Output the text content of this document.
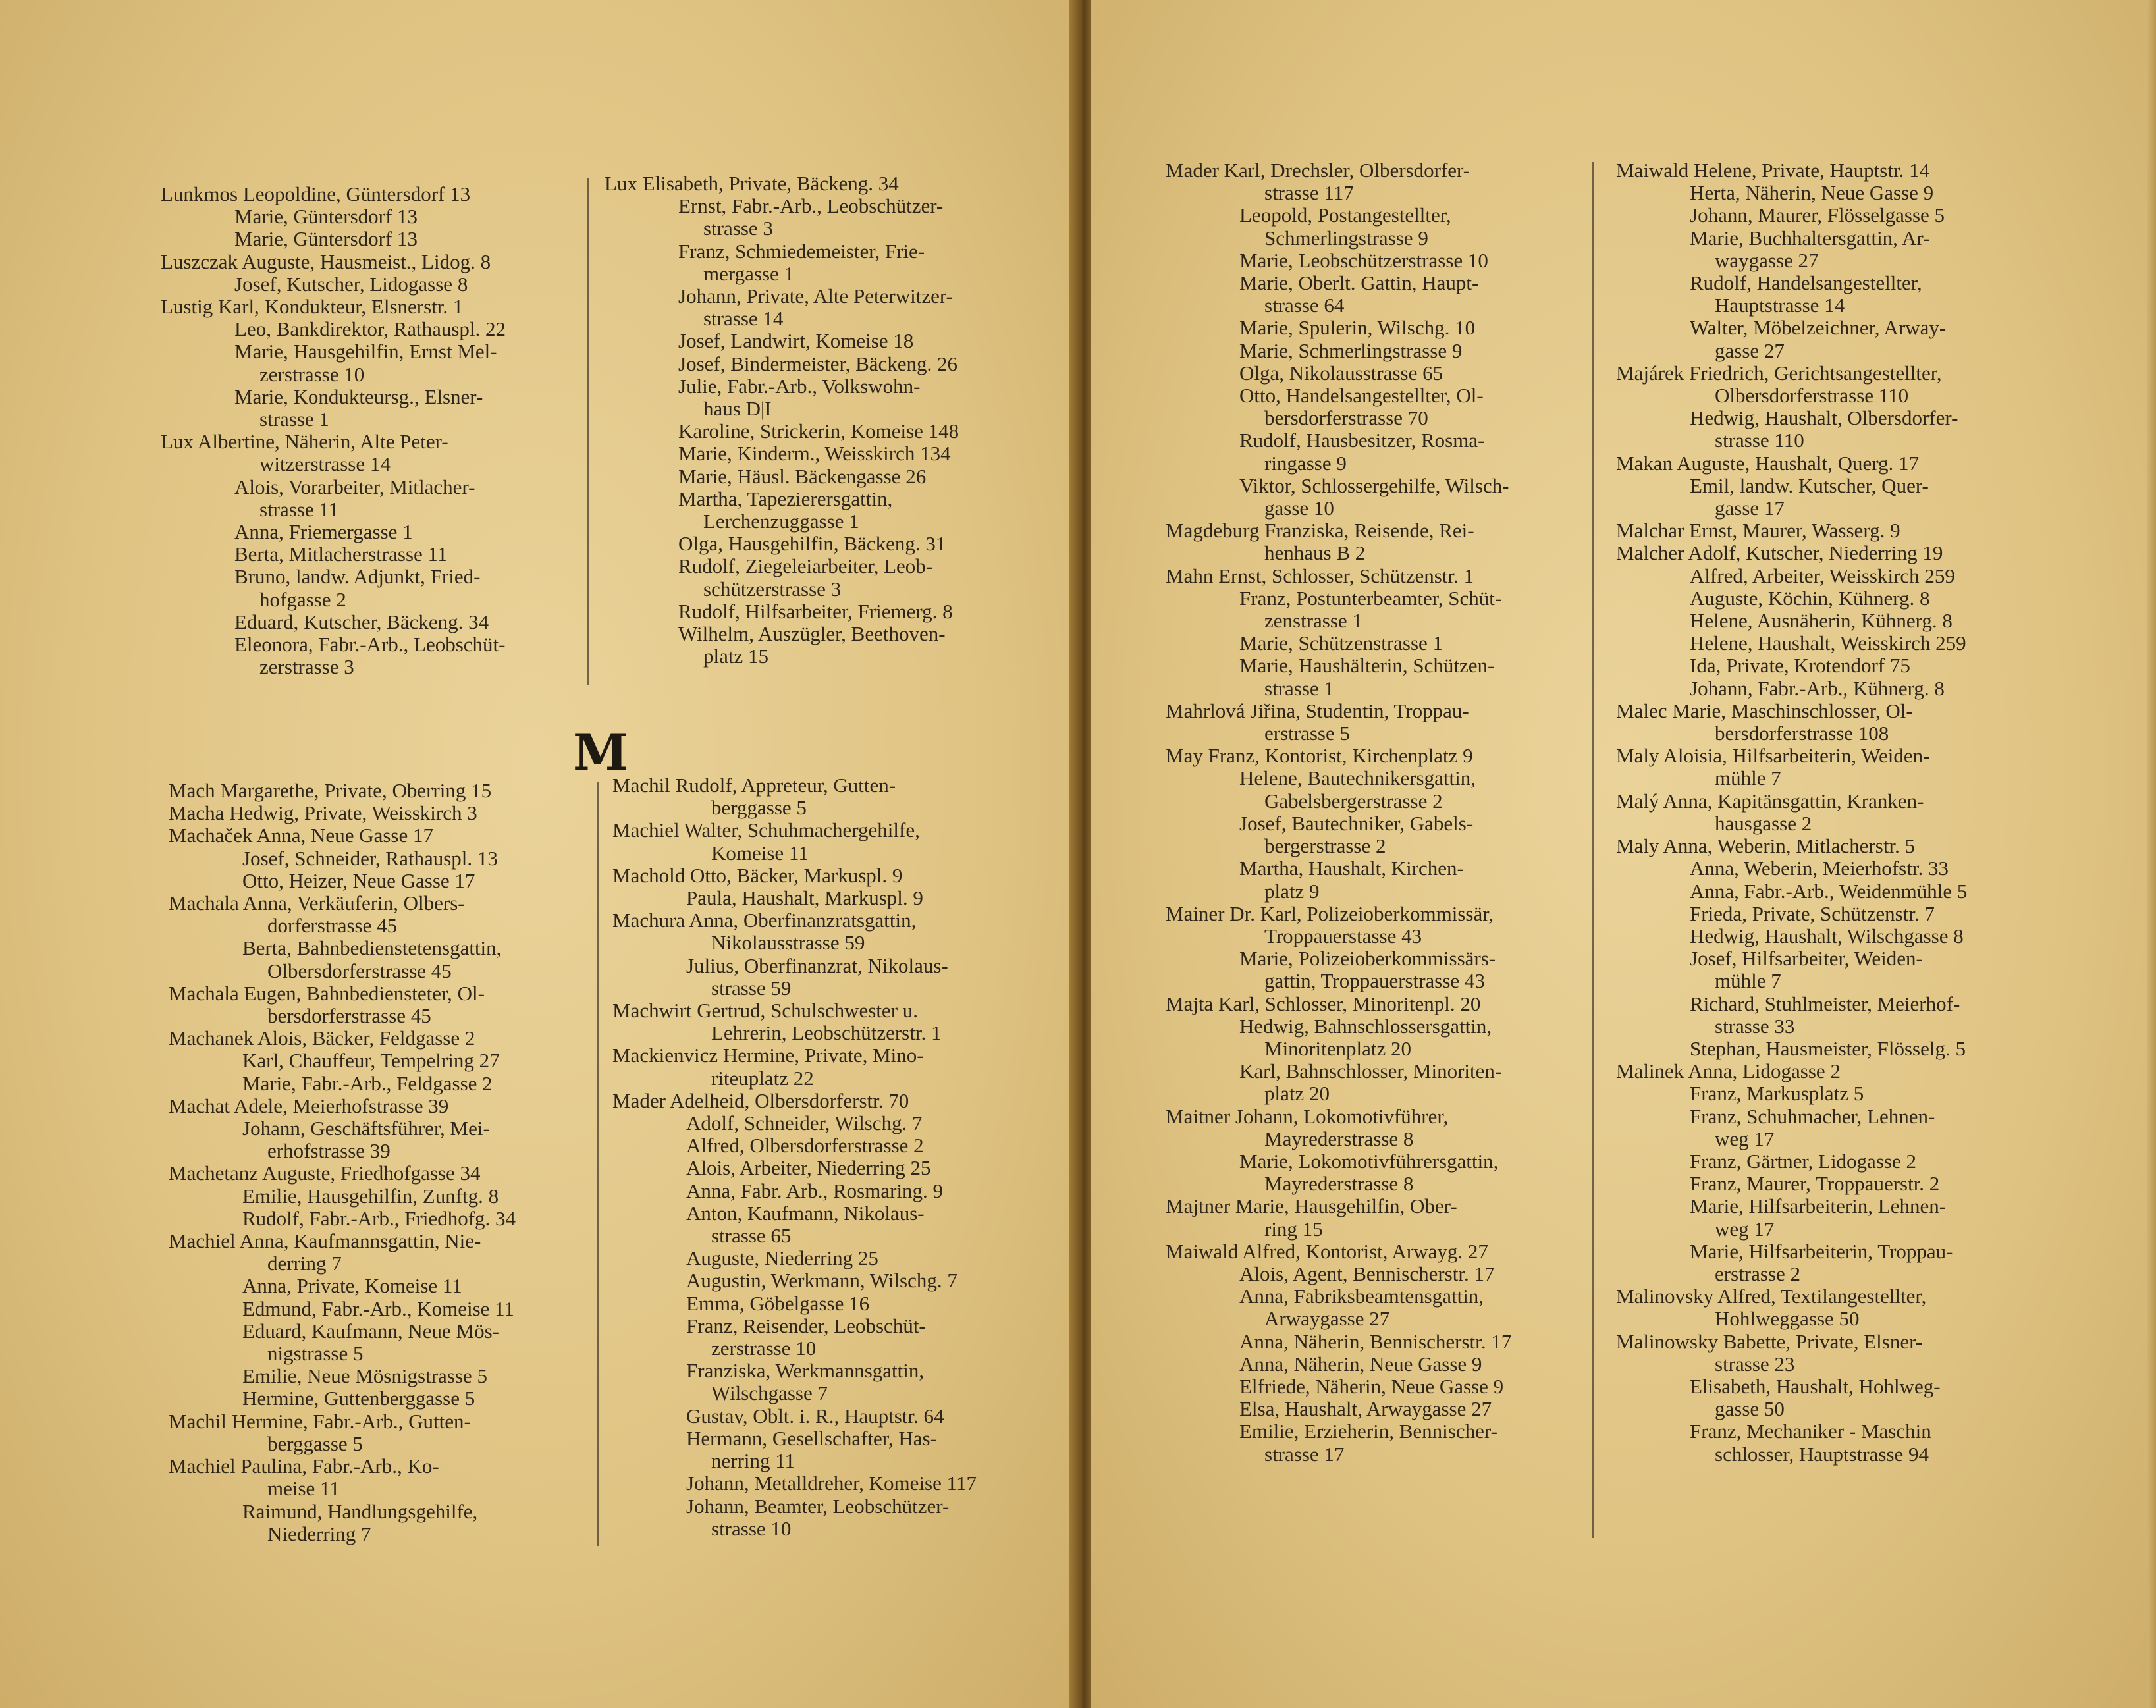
Lunkmos Leopoldine, Güntersdorf 13
Marie, Güntersdorf 13
Marie, Güntersdorf 13
Luszczak Auguste, Hausmeist., Lidog. 8
Josef, Kutscher, Lidogasse 8
Lustig Karl, Kondukteur, Elsnerstr. 1
Leo, Bankdirektor, Rathauspl. 22
Marie, Hausgehilfin, Ernst Mel-
zerstrasse 10
Marie, Kondukteursg., Elsner-
strasse 1
Lux Albertine, Näherin, Alte Peter-
witzerstrasse 14
Alois, Vorarbeiter, Mitlacher-
strasse 11
Anna, Friemergasse 1
Berta, Mitlacherstrasse 11
Bruno, landw. Adjunkt, Fried-
hofgasse 2
Eduard, Kutscher, Bäckeng. 34
Eleonora, Fabr.-Arb., Leobschüt-
zerstrasse 3
Lux Elisabeth, Private, Bäckeng. 34
Ernst, Fabr.-Arb., Leobschützer-
strasse 3
Franz, Schmiedemeister, Frie-
mergasse 1
Johann, Private, Alte Peterwitzer-
strasse 14
Josef, Landwirt, Komeise 18
Josef, Bindermeister, Bäckeng. 26
Julie, Fabr.-Arb., Volkswohn-
haus D|I
Karoline, Strickerin, Komeise 148
Marie, Kinderm., Weisskirch 134
Marie, Häusl. Bäckengasse 26
Martha, Tapezierersgattin,
Lerchenzuggasse 1
Olga, Hausgehilfin, Bäckeng. 31
Rudolf, Ziegeleiarbeiter, Leob-
schützerstrasse 3
Rudolf, Hilfsarbeiter, Friemerg. 8
Wilhelm, Auszügler, Beethoven-
platz 15
M
Mach Margarethe, Private, Oberring 15
Macha Hedwig, Private, Weisskirch 3
Machaček Anna, Neue Gasse 17
Josef, Schneider, Rathauspl. 13
Otto, Heizer, Neue Gasse 17
Machala Anna, Verkäuferin, Olbers-
dorferstrasse 45
Berta, Bahnbedienstetensgattin,
Olbersdorferstrasse 45
Machala Eugen, Bahnbediensteter, Ol-
bersdorferstrasse 45
Machanek Alois, Bäcker, Feldgasse 2
Karl, Chauffeur, Tempelring 27
Marie, Fabr.-Arb., Feldgasse 2
Machat Adele, Meierhofstrasse 39
Johann, Geschäftsführer, Mei-
erhofstrasse 39
Machetanz Auguste, Friedhofgasse 34
Emilie, Hausgehilfin, Zunftg. 8
Rudolf, Fabr.-Arb., Friedhofg. 34
Machiel Anna, Kaufmannsgattin, Nie-
derring 7
Anna, Private, Komeise 11
Edmund, Fabr.-Arb., Komeise 11
Eduard, Kaufmann, Neue Mös-
nigstrasse 5
Emilie, Neue Mösnigstrasse 5
Hermine, Guttenberggasse 5
Machil Hermine, Fabr.-Arb., Gutten-
berggasse 5
Machiel Paulina, Fabr.-Arb., Ko-
meise 11
Raimund, Handlungsgehilfe,
Niederring 7
Machil Rudolf, Appreteur, Gutten-
berggasse 5
Machiel Walter, Schuhmachergehilfe,
Komeise 11
Machold Otto, Bäcker, Markuspl. 9
Paula, Haushalt, Markuspl. 9
Machura Anna, Oberfinanzratsgattin,
Nikolausstrasse 59
Julius, Oberfinanzrat, Nikolaus-
strasse 59
Machwirt Gertrud, Schulschwester u.
Lehrerin, Leobschützerstr. 1
Mackienvicz Hermine, Private, Mino-
riteuplatz 22
Mader Adelheid, Olbersdorferstr. 70
Adolf, Schneider, Wilschg. 7
Alfred, Olbersdorferstrasse 2
Alois, Arbeiter, Niederring 25
Anna, Fabr. Arb., Rosmaring. 9
Anton, Kaufmann, Nikolaus-
strasse 65
Auguste, Niederring 25
Augustin, Werkmann, Wilschg. 7
Emma, Göbelgasse 16
Franz, Reisender, Leobschüt-
zerstrasse 10
Franziska, Werkmannsgattin,
Wilschgasse 7
Gustav, Oblt. i. R., Hauptstr. 64
Hermann, Gesellschafter, Has-
nerring 11
Johann, Metalldreher, Komeise 117
Johann, Beamter, Leobschützer-
strasse 10
Mader Karl, Drechsler, Olbersdorfer-
strasse 117
Leopold, Postangestellter,
Schmerlingstrasse 9
Marie, Leobschützerstrasse 10
Marie, Oberlt. Gattin, Haupt-
strasse 64
Marie, Spulerin, Wilschg. 10
Marie, Schmerlingstrasse 9
Olga, Nikolausstrasse 65
Otto, Handelsangestellter, Ol-
bersdorferstrasse 70
Rudolf, Hausbesitzer, Rosma-
ringasse 9
Viktor, Schlossergehilfe, Wilsch-
gasse 10
Magdeburg Franziska, Reisende, Rei-
henhaus B 2
Mahn Ernst, Schlosser, Schützenstr. 1
Franz, Postunterbeamter, Schüt-
zenstrasse 1
Marie, Schützenstrasse 1
Marie, Haushälterin, Schützen-
strasse 1
Mahrlová Jiřina, Studentin, Troppau-
erstrasse 5
May Franz, Kontorist, Kirchenplatz 9
Helene, Bautechnikersgattin,
Gabelsbergerstrasse 2
Josef, Bautechniker, Gabels-
bergerstrasse 2
Martha, Haushalt, Kirchen-
platz 9
Mainer Dr. Karl, Polizeioberkommissär,
Troppauerstasse 43
Marie, Polizeioberkommissärs-
gattin, Troppauerstrasse 43
Majta Karl, Schlosser, Minoritenpl. 20
Hedwig, Bahnschlossersgattin,
Minoritenplatz 20
Karl, Bahnschlosser, Minoriten-
platz 20
Maitner Johann, Lokomotivführer,
Mayrederstrasse 8
Marie, Lokomotivführersgattin,
Mayrederstrasse 8
Majtner Marie, Hausgehilfin, Ober-
ring 15
Maiwald Alfred, Kontorist, Arwayg. 27
Alois, Agent, Bennischerstr. 17
Anna, Fabriksbeamtensgattin,
Arwaygasse 27
Anna, Näherin, Bennischerstr. 17
Anna, Näherin, Neue Gasse 9
Elfriede, Näherin, Neue Gasse 9
Elsa, Haushalt, Arwaygasse 27
Emilie, Erzieherin, Bennischer-
strasse 17
Maiwald Helene, Private, Hauptstr. 14
Herta, Näherin, Neue Gasse 9
Johann, Maurer, Flösselgasse 5
Marie, Buchhaltersgattin, Ar-
waygasse 27
Rudolf, Handelsangestellter,
Hauptstrasse 14
Walter, Möbelzeichner, Arway-
gasse 27
Majárek Friedrich, Gerichtsangestellter,
Olbersdorferstrasse 110
Hedwig, Haushalt, Olbersdorfer-
strasse 110
Makan Auguste, Haushalt, Querg. 17
Emil, landw. Kutscher, Quer-
gasse 17
Malchar Ernst, Maurer, Wasserg. 9
Malcher Adolf, Kutscher, Niederring 19
Alfred, Arbeiter, Weisskirch 259
Auguste, Köchin, Kühnerg. 8
Helene, Ausnäherin, Kühnerg. 8
Helene, Haushalt, Weisskirch 259
Ida, Private, Krotendorf 75
Johann, Fabr.-Arb., Kühnerg. 8
Malec Marie, Maschinschlosser, Ol-
bersdorferstrasse 108
Maly Aloisia, Hilfsarbeiterin, Weiden-
mühle 7
Malý Anna, Kapitänsgattin, Kranken-
hausgasse 2
Maly Anna, Weberin, Mitlacherstr. 5
Anna, Weberin, Meierhofstr. 33
Anna, Fabr.-Arb., Weidenmühle 5
Frieda, Private, Schützenstr. 7
Hedwig, Haushalt, Wilschgasse 8
Josef, Hilfsarbeiter, Weiden-
mühle 7
Richard, Stuhlmeister, Meierhof-
strasse 33
Stephan, Hausmeister, Flösselg. 5
Malinek Anna, Lidogasse 2
Franz, Markusplatz 5
Franz, Schuhmacher, Lehnen-
weg 17
Franz, Gärtner, Lidogasse 2
Franz, Maurer, Troppauerstr. 2
Marie, Hilfsarbeiterin, Lehnen-
weg 17
Marie, Hilfsarbeiterin, Troppau-
erstrasse 2
Malinovsky Alfred, Textilangestellter,
Hohlweggasse 50
Malinowsky Babette, Private, Elsner-
strasse 23
Elisabeth, Haushalt, Hohlweg-
gasse 50
Franz, Mechaniker - Maschin
schlosser, Hauptstrasse 94
